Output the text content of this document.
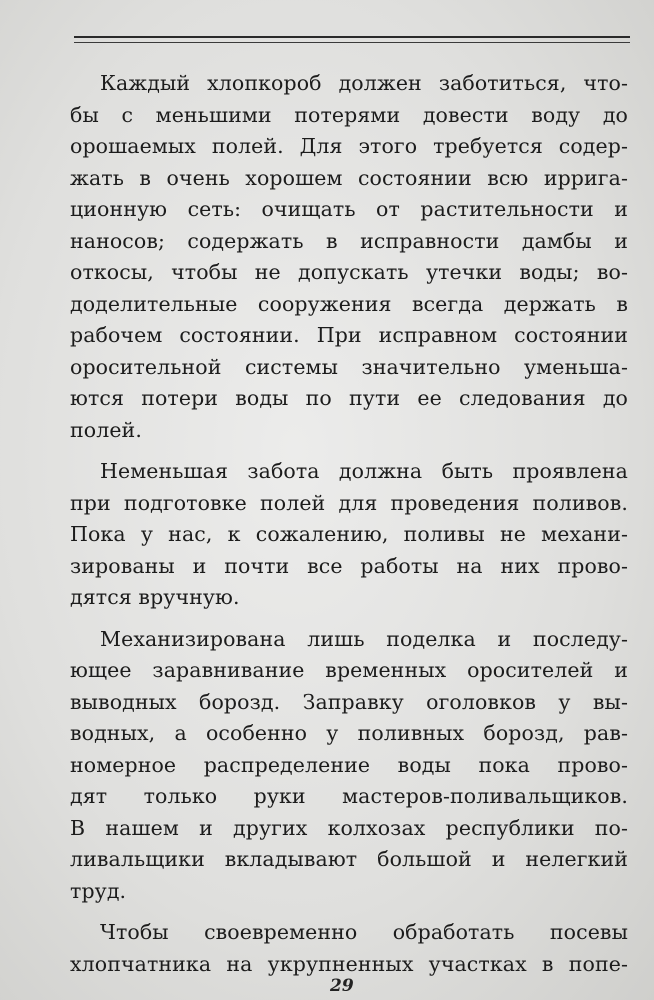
Каждый хлопкороб должен заботиться, что-
бы с меньшими потерями довести воду до
орошаемых полей. Для этого требуется содер-
жать в очень хорошем состоянии всю ирригa-
ционную сеть: очищать от растительности и
наносов; содержать в исправности дамбы и
откосы, чтобы не допускать утечки воды; во-
доделительные сооружения всегда держать в
рабочем состоянии. При исправном состоянии
оросительной системы значительно уменьша-
ются потери воды по пути ее следования до
полей.
Неменьшая забота должна быть проявлена
при подготовке полей для проведения поливов.
Пока у нас, к сожалению, поливы не механи-
зированы и почти все работы на них прово-
дятся вручную.
Механизирована лишь поделка и последу-
ющее заравнивание временных оросителей и
выводных борозд. Заправку оголовков у вы-
водных, а особенно у поливных борозд, рав-
номерное распределение воды пока прово-
дят только руки мастеров-поливальщиков.
В нашем и других колхозах республики по-
ливальщики вкладывают большой и нелегкий
труд.
Чтобы своевременно обработать посевы
хлопчатника на укрупненных участках в попе-
29
